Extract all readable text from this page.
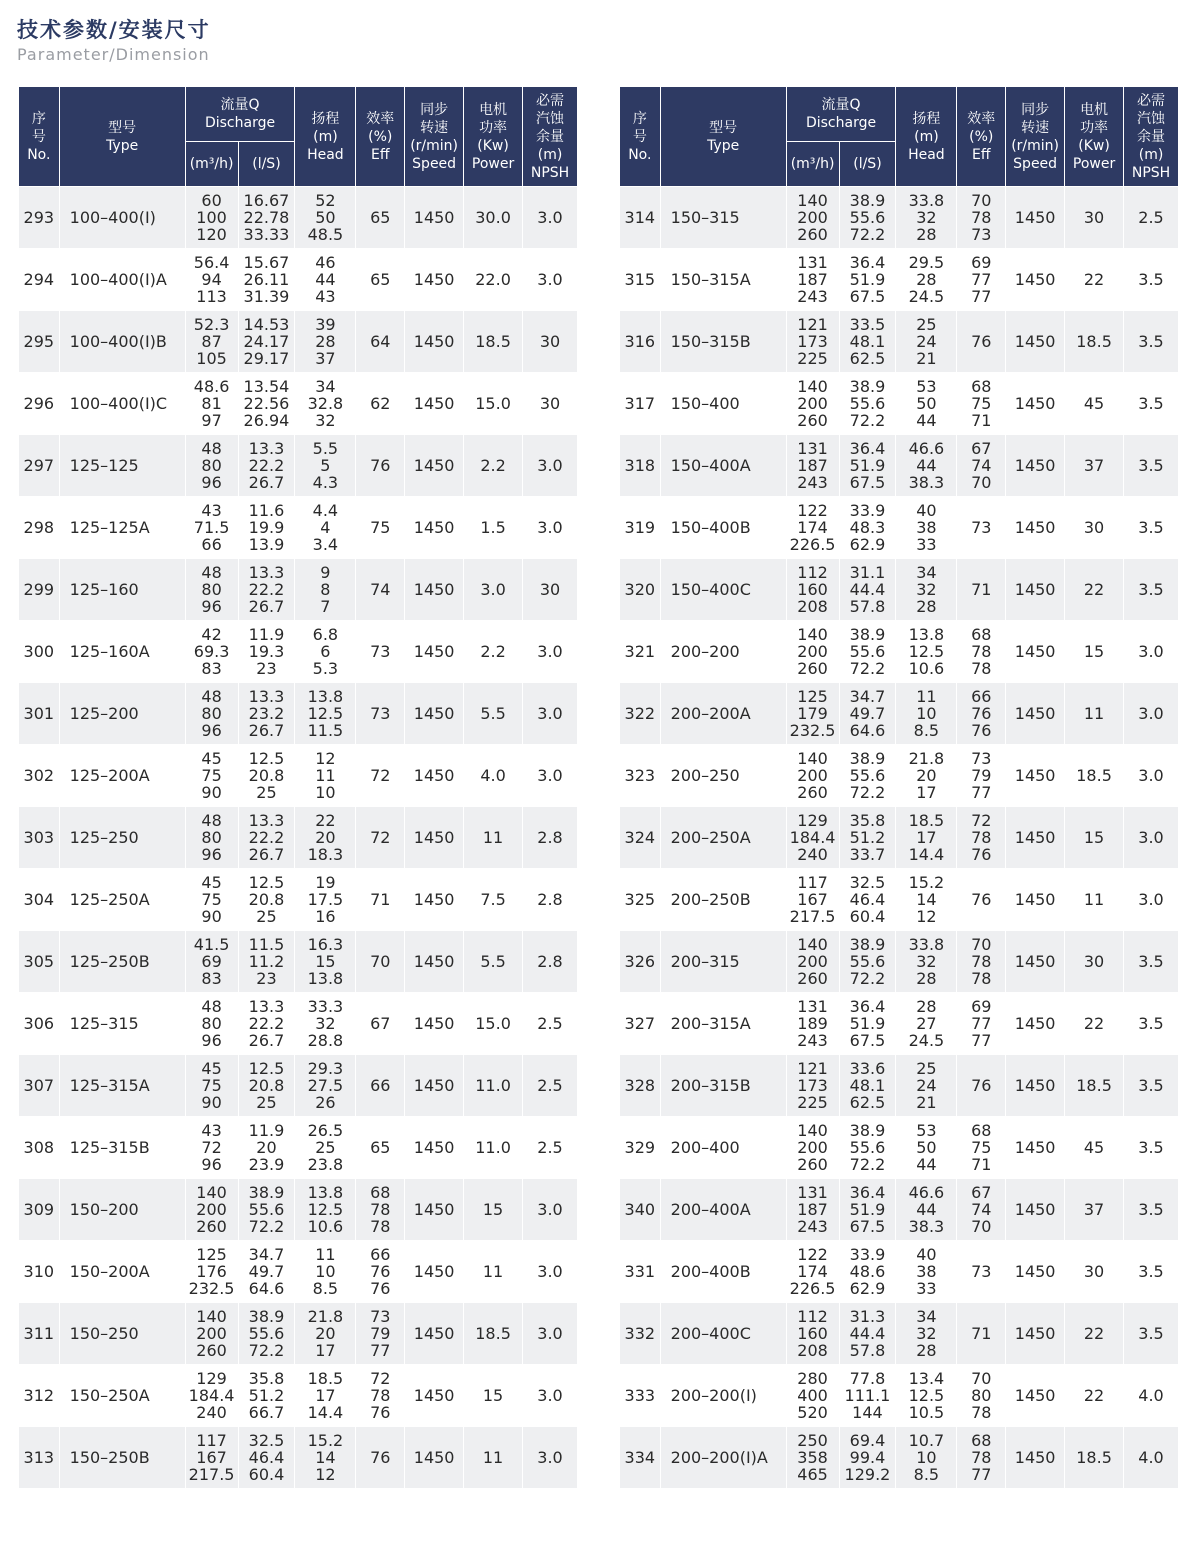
技术参数/安装尺寸
Parameter/Dimension
序
号
No.	型号
Type	流量Q
Discharge		扬程
(m)
Head	效率
(%)
Eff	同步
转速
(r/min)
Speed	电机
功率
(Kw)
Power	必需
汽蚀
余量
(m)
NPSH
		(m³/h)	(l/S)					
293	100–400(I)	60
100
120	16.67
22.78
33.33	52
50
48.5	65	1450	30.0	3.0
294	100–400(I)A	56.4
94
113	15.67
26.11
31.39	46
44
43	65	1450	22.0	3.0
295	100–400(I)B	52.3
87
105	14.53
24.17
29.17	39
28
37	64	1450	18.5	30
296	100–400(I)C	48.6
81
97	13.54
22.56
26.94	34
32.8
32	62	1450	15.0	30
297	125–125	48
80
96	13.3
22.2
26.7	5.5
5
4.3	76	1450	2.2	3.0
298	125–125A	43
71.5
66	11.6
19.9
13.9	4.4
4
3.4	75	1450	1.5	3.0
299	125–160	48
80
96	13.3
22.2
26.7	9
8
7	74	1450	3.0	30
300	125–160A	42
69.3
83	11.9
19.3
23	6.8
6
5.3	73	1450	2.2	3.0
301	125–200	48
80
96	13.3
23.2
26.7	13.8
12.5
11.5	73	1450	5.5	3.0
302	125–200A	45
75
90	12.5
20.8
25	12
11
10	72	1450	4.0	3.0
303	125–250	48
80
96	13.3
22.2
26.7	22
20
18.3	72	1450	11	2.8
304	125–250A	45
75
90	12.5
20.8
25	19
17.5
16	71	1450	7.5	2.8
305	125–250B	41.5
69
83	11.5
11.2
23	16.3
15
13.8	70	1450	5.5	2.8
306	125–315	48
80
96	13.3
22.2
26.7	33.3
32
28.8	67	1450	15.0	2.5
307	125–315A	45
75
90	12.5
20.8
25	29.3
27.5
26	66	1450	11.0	2.5
308	125–315B	43
72
96	11.9
20
23.9	26.5
25
23.8	65	1450	11.0	2.5
309	150–200	140
200
260	38.9
55.6
72.2	13.8
12.5
10.6	68
78
78	1450	15	3.0
310	150–200A	125
176
232.5	34.7
49.7
64.6	11
10
8.5	66
76
76	1450	11	3.0
311	150–250	140
200
260	38.9
55.6
72.2	21.8
20
17	73
79
77	1450	18.5	3.0
312	150–250A	129
184.4
240	35.8
51.2
66.7	18.5
17
14.4	72
78
76	1450	15	3.0
313	150–250B	117
167
217.5	32.5
46.4
60.4	15.2
14
12	76	1450	11	3.0
序
号
No.	型号
Type	流量Q
Discharge		扬程
(m)
Head	效率
(%)
Eff	同步
转速
(r/min)
Speed	电机
功率
(Kw)
Power	必需
汽蚀
余量
(m)
NPSH
		(m³/h)	(l/S)					
314	150–315	140
200
260	38.9
55.6
72.2	33.8
32
28	70
78
73	1450	30	2.5
315	150–315A	131
187
243	36.4
51.9
67.5	29.5
28
24.5	69
77
77	1450	22	3.5
316	150–315B	121
173
225	33.5
48.1
62.5	25
24
21	76	1450	18.5	3.5
317	150–400	140
200
260	38.9
55.6
72.2	53
50
44	68
75
71	1450	45	3.5
318	150–400A	131
187
243	36.4
51.9
67.5	46.6
44
38.3	67
74
70	1450	37	3.5
319	150–400B	122
174
226.5	33.9
48.3
62.9	40
38
33	73	1450	30	3.5
320	150–400C	112
160
208	31.1
44.4
57.8	34
32
28	71	1450	22	3.5
321	200–200	140
200
260	38.9
55.6
72.2	13.8
12.5
10.6	68
78
78	1450	15	3.0
322	200–200A	125
179
232.5	34.7
49.7
64.6	11
10
8.5	66
76
76	1450	11	3.0
323	200–250	140
200
260	38.9
55.6
72.2	21.8
20
17	73
79
77	1450	18.5	3.0
324	200–250A	129
184.4
240	35.8
51.2
33.7	18.5
17
14.4	72
78
76	1450	15	3.0
325	200–250B	117
167
217.5	32.5
46.4
60.4	15.2
14
12	76	1450	11	3.0
326	200–315	140
200
260	38.9
55.6
72.2	33.8
32
28	70
78
78	1450	30	3.5
327	200–315A	131
189
243	36.4
51.9
67.5	28
27
24.5	69
77
77	1450	22	3.5
328	200–315B	121
173
225	33.6
48.1
62.5	25
24
21	76	1450	18.5	3.5
329	200–400	140
200
260	38.9
55.6
72.2	53
50
44	68
75
71	1450	45	3.5
340	200–400A	131
187
243	36.4
51.9
67.5	46.6
44
38.3	67
74
70	1450	37	3.5
331	200–400B	122
174
226.5	33.9
48.6
62.9	40
38
33	73	1450	30	3.5
332	200–400C	112
160
208	31.3
44.4
57.8	34
32
28	71	1450	22	3.5
333	200–200(I)	280
400
520	77.8
111.1
144	13.4
12.5
10.5	70
80
78	1450	22	4.0
334	200–200(I)A	250
358
465	69.4
99.4
129.2	10.7
10
8.5	68
78
77	1450	18.5	4.0
